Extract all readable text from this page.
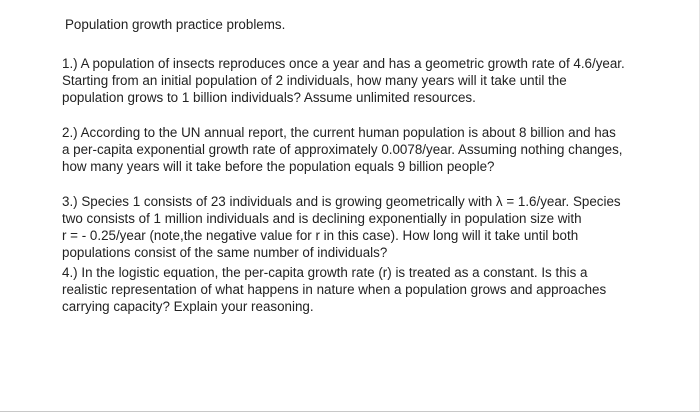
Population growth practice problems.
1.) A population of insects reproduces once a year and has a geometric growth rate of 4.6/year.
Starting from an initial population of 2 individuals, how many years will it take until the
population grows to 1 billion individuals? Assume unlimited resources.
2.) According to the UN annual report, the current human population is about 8 billion and has
a per-capita exponential growth rate of approximately 0.0078/year. Assuming nothing changes,
how many years will it take before the population equals 9 billion people?
3.) Species 1 consists of 23 individuals and is growing geometrically with λ = 1.6/year. Species
two consists of 1 million individuals and is declining exponentially in population size with
r = - 0.25/year (note,the negative value for r in this case). How long will it take until both
populations consist of the same number of individuals?
4.) In the logistic equation, the per-capita growth rate (r) is treated as a constant. Is this a
realistic representation of what happens in nature when a population grows and approaches
carrying capacity? Explain your reasoning.
